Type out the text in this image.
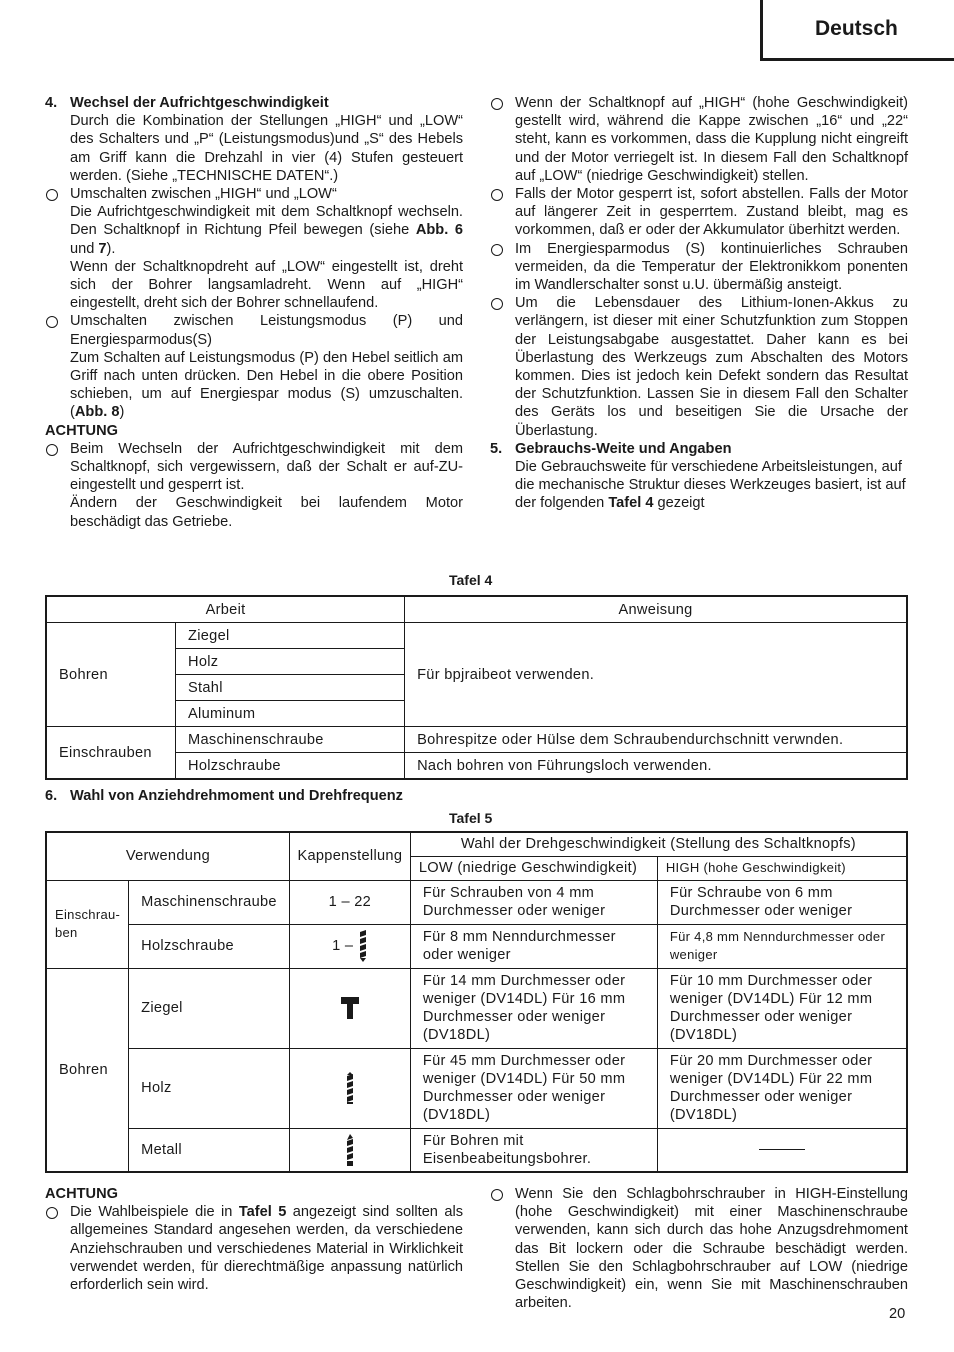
Deutsch

4. Wechsel der Aufrichtgeschwindigkeit

Durch die Kombination der Stellungen „HIGH“ und „LOW“ des Schalters und „P“ (Leistungsmodus)und „S“ des Hebels am Griff kann die Drehzahl in vier (4) Stufen gesteuert werden. (Siehe „TECHNISCHE DATEN“.)

Umschalten zwischen „HIGH“ und „LOW“

Die Aufrichtgeschwindigkeit mit dem Schaltknopf wechseln. Den Schaltknopf in Richtung Pfeil bewegen (siehe Abb. 6 und 7).

Wenn der Schaltknopdreht auf „LOW“ eingestellt ist, dreht sich der Bohrer langsamladreht. Wenn auf „HIGH“ eingestellt, dreht sich der Bohrer schnellaufend.

Umschalten zwischen Leistungsmodus (P) und Energiesparmodus(S)

Zum Schalten auf Leistungsmodus (P) den Hebel seitlich am Griff nach unten drücken. Den Hebel in die obere Position schieben, um auf Energiespar modus (S) umzuschalten. (Abb. 8)

ACHTUNG

Beim Wechseln der Aufrichtgeschwindigkeit mit dem Schaltknopf, sich vergewissern, daß der Schalt er auf-ZU-eingestellt und gesperrt ist.

Ändern der Geschwindigkeit bei laufendem Motor beschädigt das Getriebe.

Wenn der Schaltknopf auf „HIGH“ (hohe Geschwindigkeit) gestellt wird, während die Kappe zwischen „16“ und „22“ steht, kann es vorkommen, dass die Kupplung nicht eingreift und der Motor verriegelt ist. In diesem Fall den Schaltknopf auf „LOW“ (niedrige Geschwindigkeit) stellen.

Falls der Motor gesperrt ist, sofort abstellen. Falls der Motor auf längerer Zeit in gesperrtem. Zustand bleibt, mag es vorkommen, daß er oder der Akkumulator überhitzt werden.

Im Energiesparmodus (S) kontinuierliches Schrauben vermeiden, da die Temperatur der Elektronikkom ponenten im Wandlerschalter sonst u.U. übermäßig ansteigt.

Um die Lebensdauer des Lithium-Ionen-Akkus zu verlängern, ist dieser mit einer Schutzfunktion zum Stoppen der Leistungsabgabe ausgestattet. Daher kann es bei Überlastung des Werkzeugs zum Abschalten des Motors kommen. Dies ist jedoch kein Defekt sondern das Resultat der Schutzfunktion. Lassen Sie in diesem Fall den Schalter des Geräts los und beseitigen Sie die Ursache der Überlastung.

5. Gebrauchs-Weite und Angaben

Die Gebrauchsweite für verschiedene Arbeitsleistungen, auf die mechanische Struktur dieses Werkzeuges basiert, ist auf der folgenden Tafel 4 gezeigt

Tafel 4
Arbeit		Anweisung
Bohren	Ziegel	Für bpjraibeot verwenden.
	Holz	
	Stahl	
	Aluminum	
Einschrauben	Maschinenschraube	Bohrespitze oder Hülse dem Schraubendurchschnitt verwnden.
	Holzschraube	Nach bohren von Führungsloch verwenden.

6. Wahl von Anziehdrehmoment und Drehfrequenz

Tafel 5
Verwendung		Kappenstellung	Wahl der Drehgeschwindigkeit (Stellung des Schaltknopfs)	
			LOW (niedrige Geschwindigkeit)	HIGH (hohe Geschwindigkeit)
Einschrau-
ben	Maschinenschraube	1 – 22	Für Schrauben von 4 mm Durchmesser oder weniger	Für Schraube von 6 mm Durchmesser oder weniger
	Holzschraube	1 –	Für 8 mm Nenndurchmesser oder weniger	Für 4,8 mm Nenndurchmesser oder weniger
Bohren	Ziegel		Für 14 mm Durchmesser oder weniger (DV14DL) Für 16 mm Durchmesser oder weniger (DV18DL)	Für 10 mm Durchmesser oder weniger (DV14DL) Für 12 mm Durchmesser oder weniger (DV18DL)
	Holz		Für 45 mm Durchmesser oder weniger (DV14DL) Für 50 mm Durchmesser oder weniger (DV18DL)	Für 20 mm Durchmesser oder weniger (DV14DL) Für 22 mm Durchmesser oder weniger (DV18DL)
	Metall		Für Bohren mit Eisenbeabeitungsbohrer.	

ACHTUNG

Die Wahlbeispiele die in Tafel 5 angezeigt sind sollten als allgemeines Standard angesehen werden, da verschiedene Anziehschrauben und verschiedenes Material in Wirklichkeit verwendet werden, für dierechtmäßige anpassung natürlich erforderlich sein wird.

Wenn Sie den Schlagbohrschrauber in HIGH-Einstellung (hohe Geschwindigkeit) mit einer Maschinenschraube verwenden, kann sich durch das hohe Anzugsdrehmoment das Bit lockern oder die Schraube beschädigt werden. Stellen Sie den Schlagbohrschrauber auf LOW (niedrige Geschwindigkeit) ein, wenn Sie mit Maschinenschrauben arbeiten.

20
